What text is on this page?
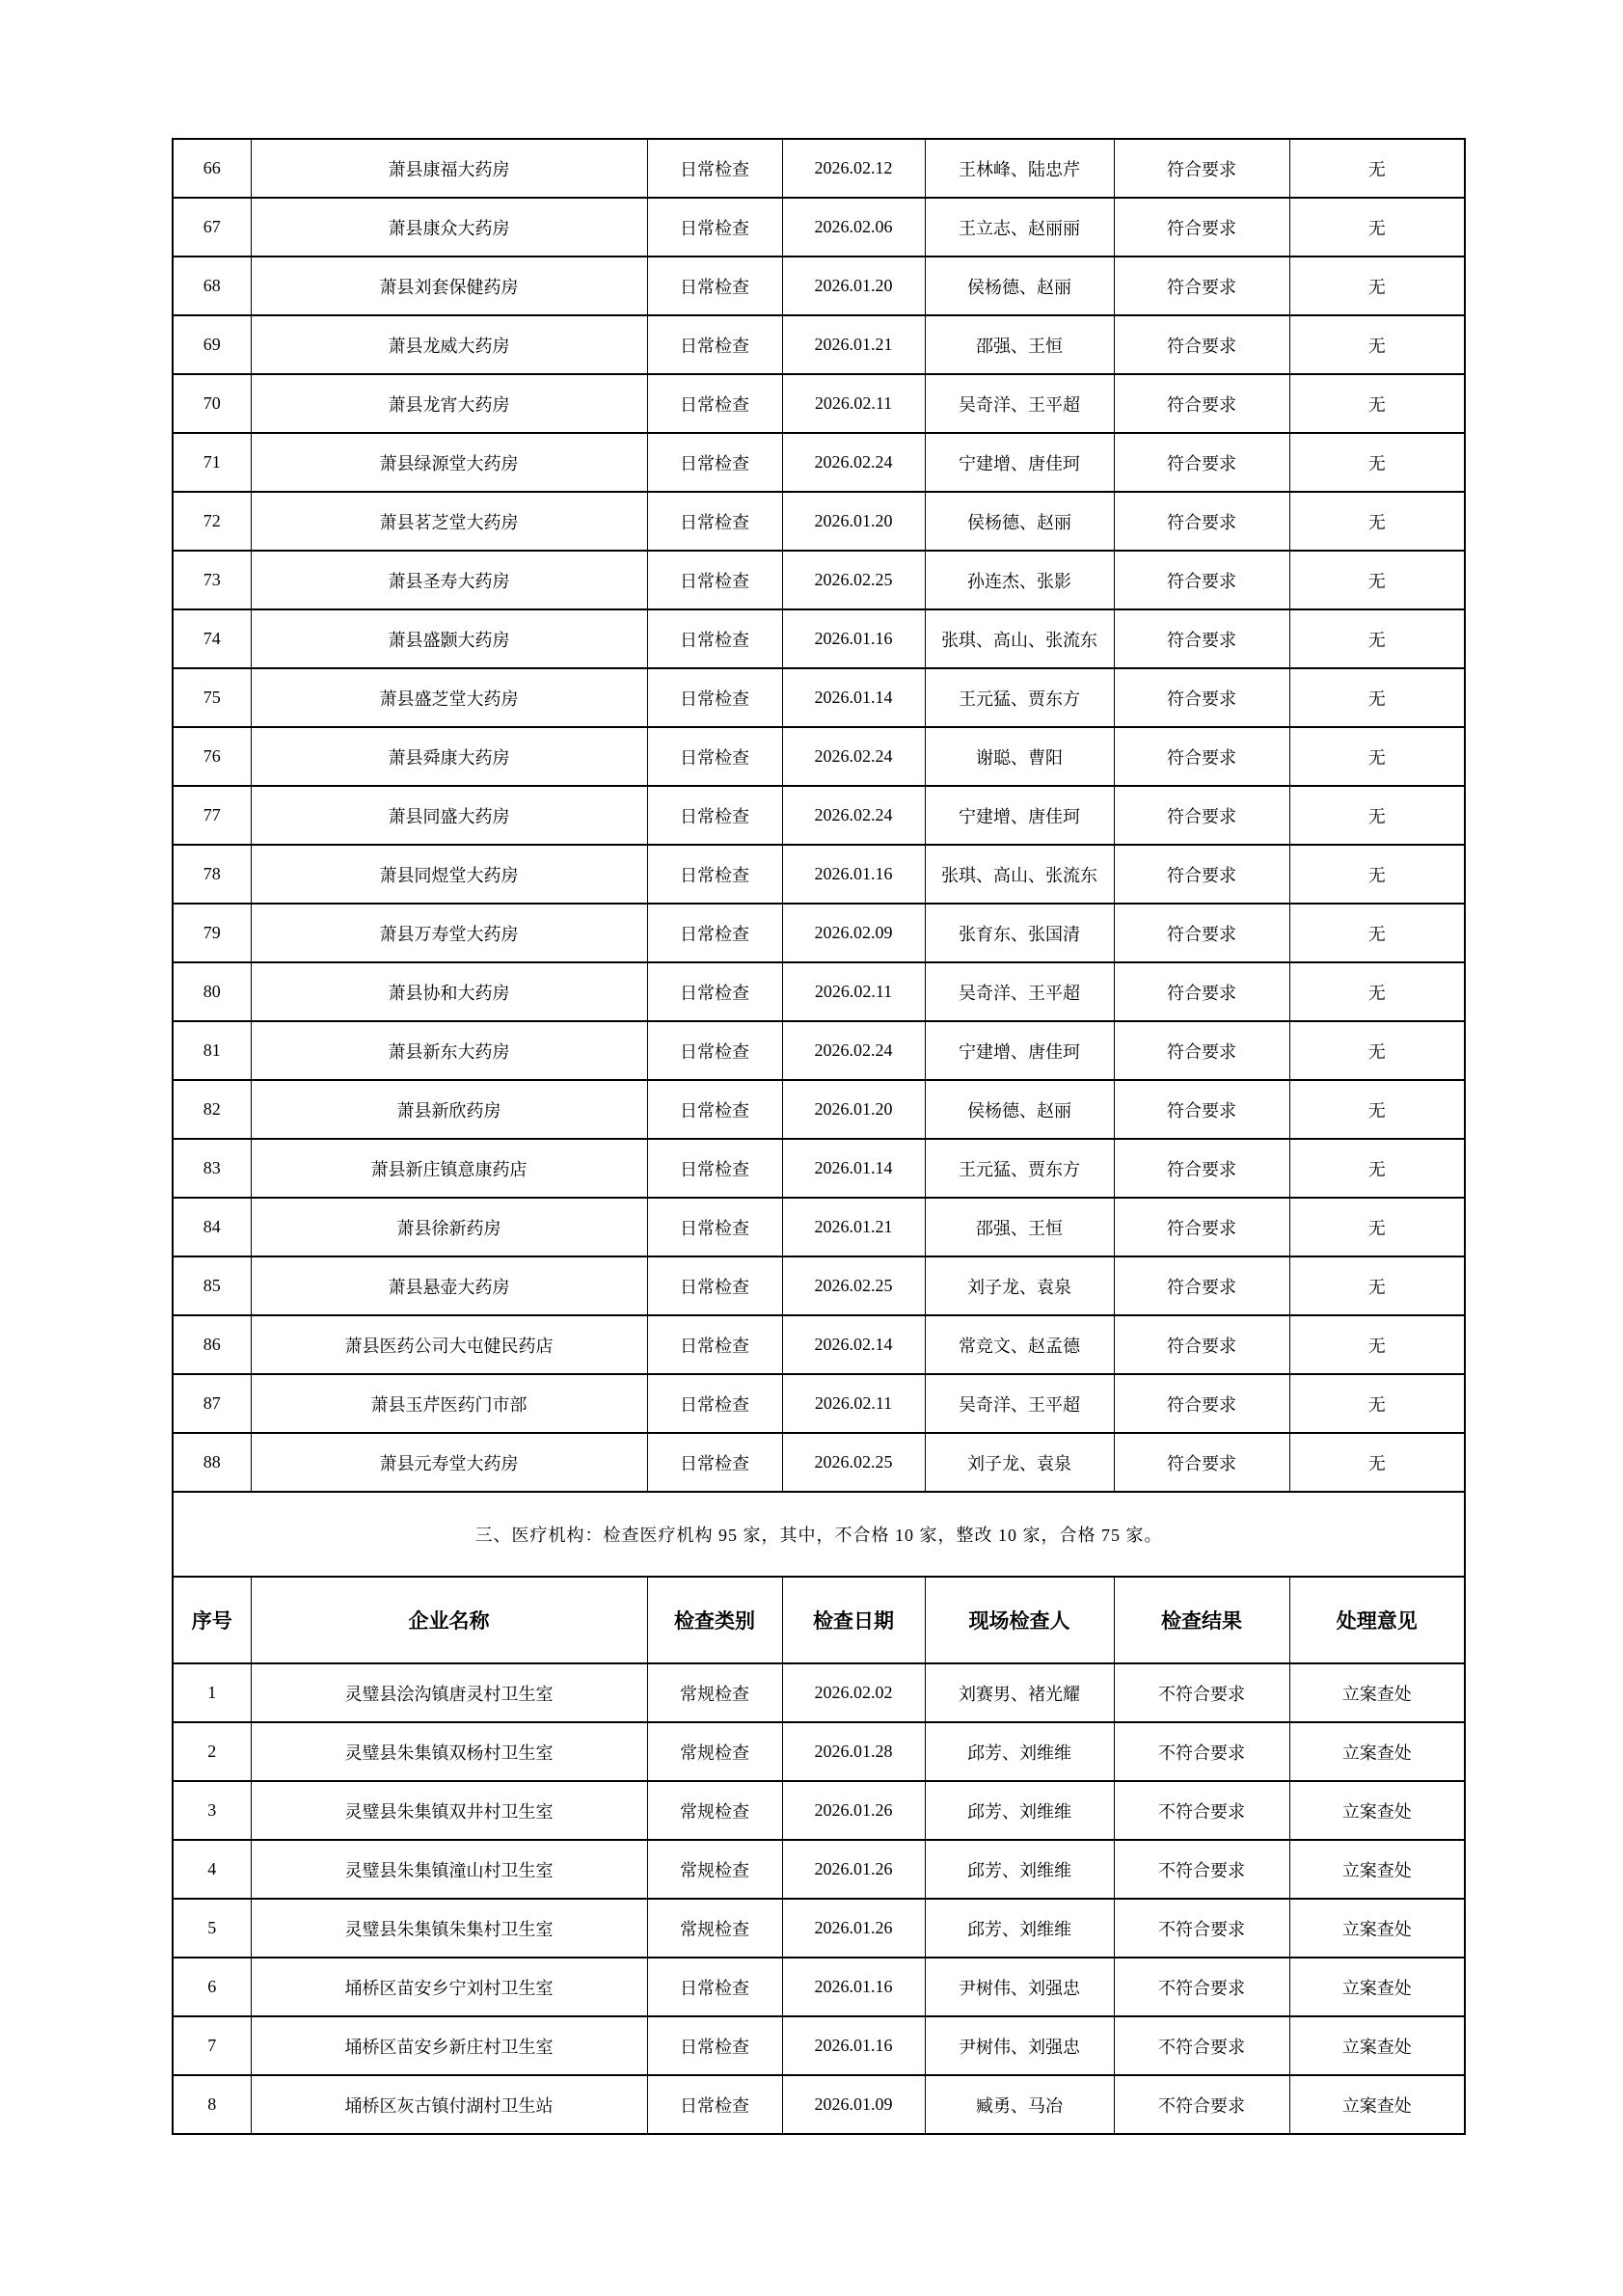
66	萧县康福大药房	日常检查	2026.02.12	王林峰、陆忠芹	符合要求	无
67	萧县康众大药房	日常检查	2026.02.06	王立志、赵丽丽	符合要求	无
68	萧县刘套保健药房	日常检查	2026.01.20	侯杨德、赵丽	符合要求	无
69	萧县龙威大药房	日常检查	2026.01.21	邵强、王恒	符合要求	无
70	萧县龙宵大药房	日常检查	2026.02.11	吴奇洋、王平超	符合要求	无
71	萧县绿源堂大药房	日常检查	2026.02.24	宁建增、唐佳珂	符合要求	无
72	萧县茗芝堂大药房	日常检查	2026.01.20	侯杨德、赵丽	符合要求	无
73	萧县圣寿大药房	日常检查	2026.02.25	孙连杰、张影	符合要求	无
74	萧县盛颢大药房	日常检查	2026.01.16	张琪、高山、张流东	符合要求	无
75	萧县盛芝堂大药房	日常检查	2026.01.14	王元猛、贾东方	符合要求	无
76	萧县舜康大药房	日常检查	2026.02.24	谢聪、曹阳	符合要求	无
77	萧县同盛大药房	日常检查	2026.02.24	宁建增、唐佳珂	符合要求	无
78	萧县同煜堂大药房	日常检查	2026.01.16	张琪、高山、张流东	符合要求	无
79	萧县万寿堂大药房	日常检查	2026.02.09	张育东、张国清	符合要求	无
80	萧县协和大药房	日常检查	2026.02.11	吴奇洋、王平超	符合要求	无
81	萧县新东大药房	日常检查	2026.02.24	宁建增、唐佳珂	符合要求	无
82	萧县新欣药房	日常检查	2026.01.20	侯杨德、赵丽	符合要求	无
83	萧县新庄镇意康药店	日常检查	2026.01.14	王元猛、贾东方	符合要求	无
84	萧县徐新药房	日常检查	2026.01.21	邵强、王恒	符合要求	无
85	萧县悬壶大药房	日常检查	2026.02.25	刘子龙、袁泉	符合要求	无
86	萧县医药公司大屯健民药店	日常检查	2026.02.14	常竞文、赵孟德	符合要求	无
87	萧县玉芹医药门市部	日常检查	2026.02.11	吴奇洋、王平超	符合要求	无
88	萧县元寿堂大药房	日常检查	2026.02.25	刘子龙、袁泉	符合要求	无
三、医疗机构：检查医疗机构 95 家，其中，不合格 10 家，整改 10 家，合格 75 家。						
序号	企业名称	检查类别	检查日期	现场检查人	检查结果	处理意见
1	灵璧县浍沟镇唐灵村卫生室	常规检查	2026.02.02	刘赛男、褚光耀	不符合要求	立案查处
2	灵璧县朱集镇双杨村卫生室	常规检查	2026.01.28	邱芳、刘维维	不符合要求	立案查处
3	灵璧县朱集镇双井村卫生室	常规检查	2026.01.26	邱芳、刘维维	不符合要求	立案查处
4	灵璧县朱集镇潼山村卫生室	常规检查	2026.01.26	邱芳、刘维维	不符合要求	立案查处
5	灵璧县朱集镇朱集村卫生室	常规检查	2026.01.26	邱芳、刘维维	不符合要求	立案查处
6	埇桥区苗安乡宁刘村卫生室	日常检查	2026.01.16	尹树伟、刘强忠	不符合要求	立案查处
7	埇桥区苗安乡新庄村卫生室	日常检查	2026.01.16	尹树伟、刘强忠	不符合要求	立案查处
8	埇桥区灰古镇付湖村卫生站	日常检查	2026.01.09	臧勇、马冶	不符合要求	立案查处
